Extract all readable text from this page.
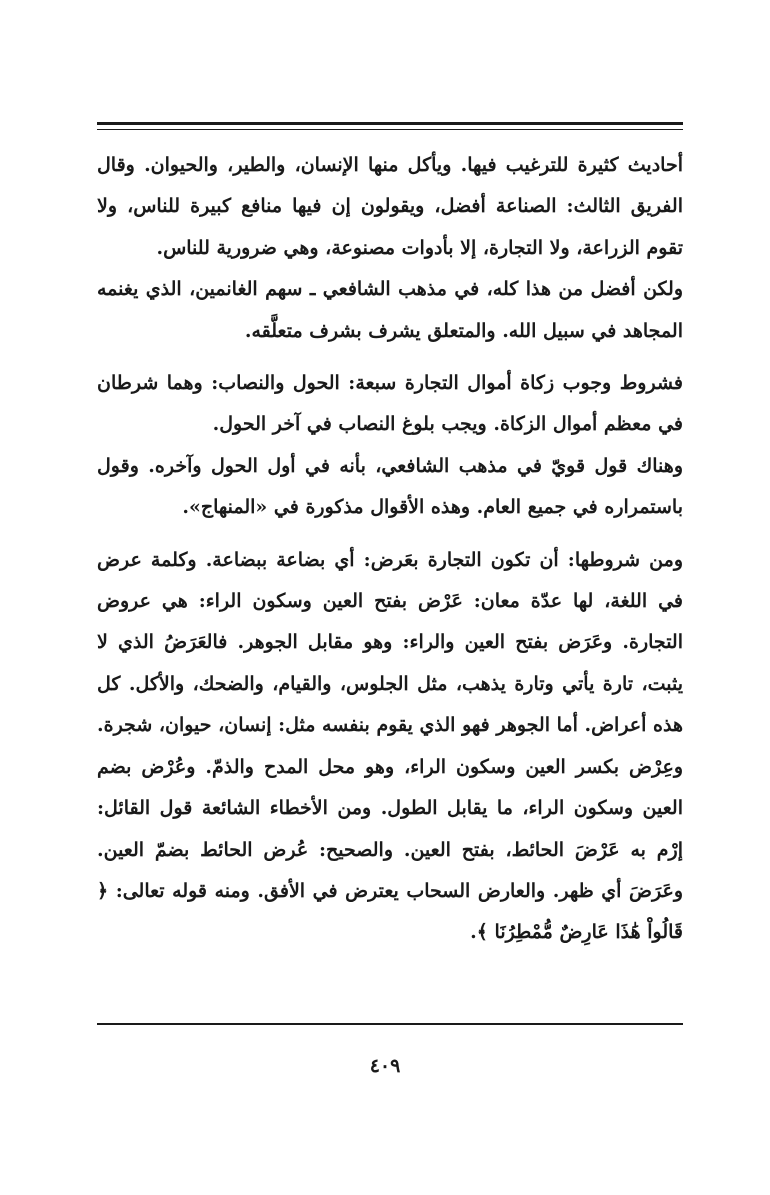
أحاديث كثيرة للترغيب فيها. ويأكل منها الإنسان، والطير، والحيوان. وقال الفريق الثالث: الصناعة أفضل، ويقولون إن فيها منافع كبيرة للناس، ولا تقوم الزراعة، ولا التجارة، إلا بأدوات مصنوعة، وهي ضرورية للناس.

ولكن أفضل من هذا كله، في مذهب الشافعي ـ سهم الغانمين، الذي يغنمه المجاهد في سبيل الله. والمتعلق يشرف بشرف متعلَّقه.

فشروط وجوب زكاة أموال التجارة سبعة: الحول والنصاب: وهما شرطان في معظم أموال الزكاة. ويجب بلوغ النصاب في آخر الحول.

وهناك قول قويّ في مذهب الشافعي، بأنه في أول الحول وآخره. وقول باستمراره في جميع العام. وهذه الأقوال مذكورة في «المنهاج».

ومن شروطها: أن تكون التجارة بعَرض: أي بضاعة ببضاعة. وكلمة عرض في اللغة، لها عدّة معان: عَرْض بفتح العين وسكون الراء: هي عروض التجارة. وعَرَض بفتح العين والراء: وهو مقابل الجوهر. فالعَرَضُ الذي لا يثبت، تارة يأتي وتارة يذهب، مثل الجلوس، والقيام، والضحك، والأكل. كل هذه أعراض. أما الجوهر فهو الذي يقوم بنفسه مثل: إنسان، حيوان، شجرة. وعِرْض بكسر العين وسكون الراء، وهو محل المدح والذمّ. وعُرْض بضم العين وسكون الراء، ما يقابل الطول. ومن الأخطاء الشائعة قول القائل: إرْم به عَرْضَ الحائط، بفتح العين. والصحيح: عُرض الحائط بضمّ العين. وعَرَضَ أي ظهر. والعارض السحاب يعترض في الأفق. ومنه قوله تعالى: ﴿ قَالُواْ هَٰذَا عَارِضٌ مُّمْطِرُنَا ﴾.

٤٠٩
